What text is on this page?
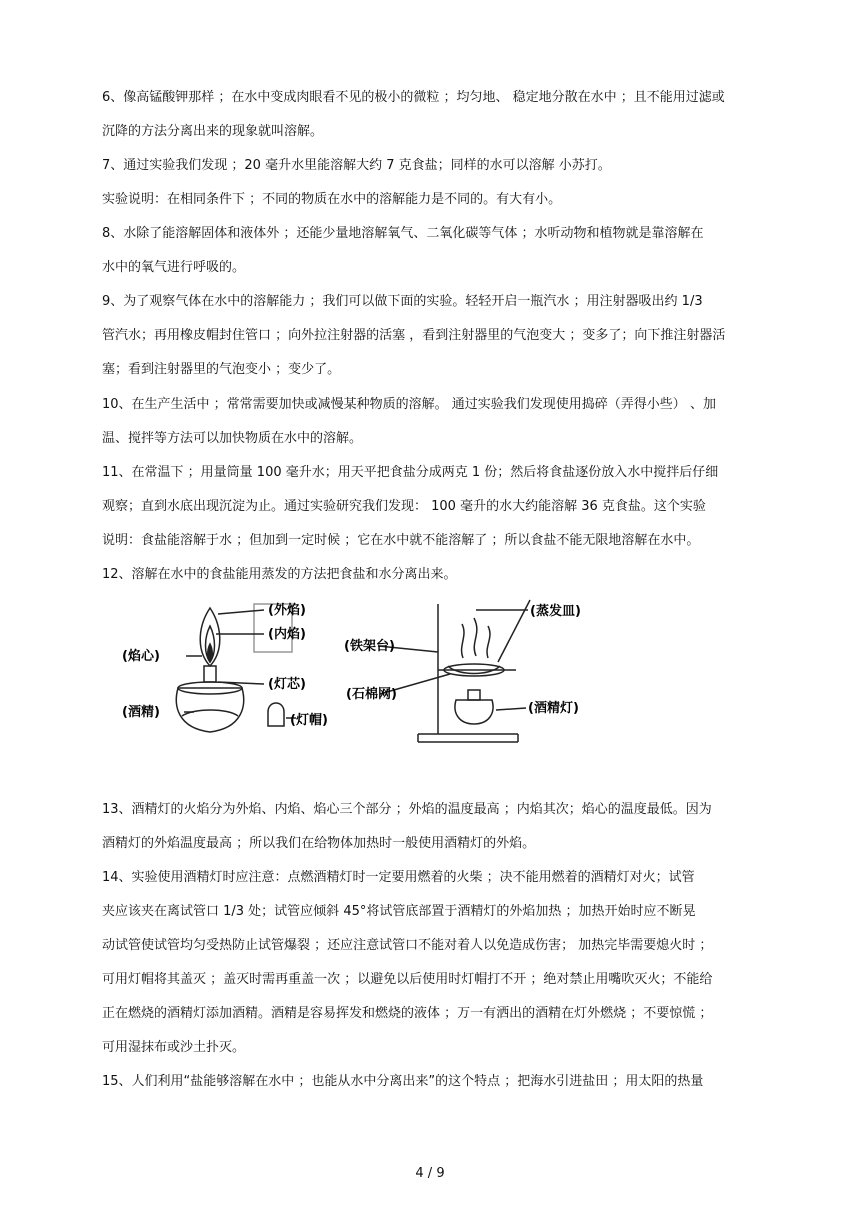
6、像高锰酸钾那样 ；在水中变成肉眼看不见的极小的微粒 ；均匀地、 稳定地分散在水中 ；且不能用过滤或
沉降的方法分离出来的现象就叫溶解。
7、通过实验我们发现 ；20 毫升水里能溶解大约 7 克食盐；同样的水可以溶解 小苏打。
实验说明：在相同条件下 ；不同的物质在水中的溶解能力是不同的。有大有小。
8、水除了能溶解固体和液体外 ；还能少量地溶解氧气、二氧化碳等气体 ；水听动物和植物就是靠溶解在
水中的氧气进行呼吸的。
9、为了观察气体在水中的溶解能力 ；我们可以做下面的实验。轻轻开启一瓶汽水 ；用注射器吸出约 1/3
管汽水；再用橡皮帽封住管口 ；向外拉注射器的活塞 ，看到注射器里的气泡变大 ；变多了；向下推注射器活
塞；看到注射器里的气泡变小 ；变少了。
10、在生产生活中 ；常常需要加快或减慢某种物质的溶解。 通过实验我们发现使用捣碎（弄得小些） 、加
温、搅拌等方法可以加快物质在水中的溶解。
11、在常温下 ；用量筒量 100 毫升水；用天平把食盐分成两克 1 份；然后将食盐逐份放入水中搅拌后仔细
观察；直到水底出现沉淀为止。通过实验研究我们发现： 100 毫升的水大约能溶解 36 克食盐。这个实验
说明：食盐能溶解于水 ；但加到一定时候 ；它在水中就不能溶解了 ；所以食盐不能无限地溶解在水中。
12、溶解在水中的食盐能用蒸发的方法把食盐和水分离出来。
13、酒精灯的火焰分为外焰、内焰、焰心三个部分 ；外焰的温度最高 ；内焰其次；焰心的温度最低。因为
酒精灯的外焰温度最高 ；所以我们在给物体加热时一般使用酒精灯的外焰。
14、实验使用酒精灯时应注意：点燃酒精灯时一定要用燃着的火柴 ；决不能用燃着的酒精灯对火；试管
夹应该夹在离试管口 1/3 处；试管应倾斜 45°将试管底部置于酒精灯的外焰加热 ；加热开始时应不断晃
动试管使试管均匀受热防止试管爆裂 ；还应注意试管口不能对着人以免造成伤害； 加热完毕需要熄火时 ；
可用灯帽将其盖灭 ；盖灭时需再重盖一次 ；以避免以后使用时灯帽打不开 ；绝对禁止用嘴吹灭火；不能给
正在燃烧的酒精灯添加酒精。酒精是容易挥发和燃烧的液体 ；万一有洒出的酒精在灯外燃烧 ；不要惊慌 ；
可用湿抹布或沙土扑灭。
15、人们利用“盐能够溶解在水中 ；也能从水中分离出来”的这个特点 ；把海水引进盐田 ；用太阳的热量
(外焰)
(内焰)
(焰心)
(灯芯)
(酒精)
(灯帽)
(蒸发皿)
(铁架台)
(石棉网)
(酒精灯)
4 / 9
